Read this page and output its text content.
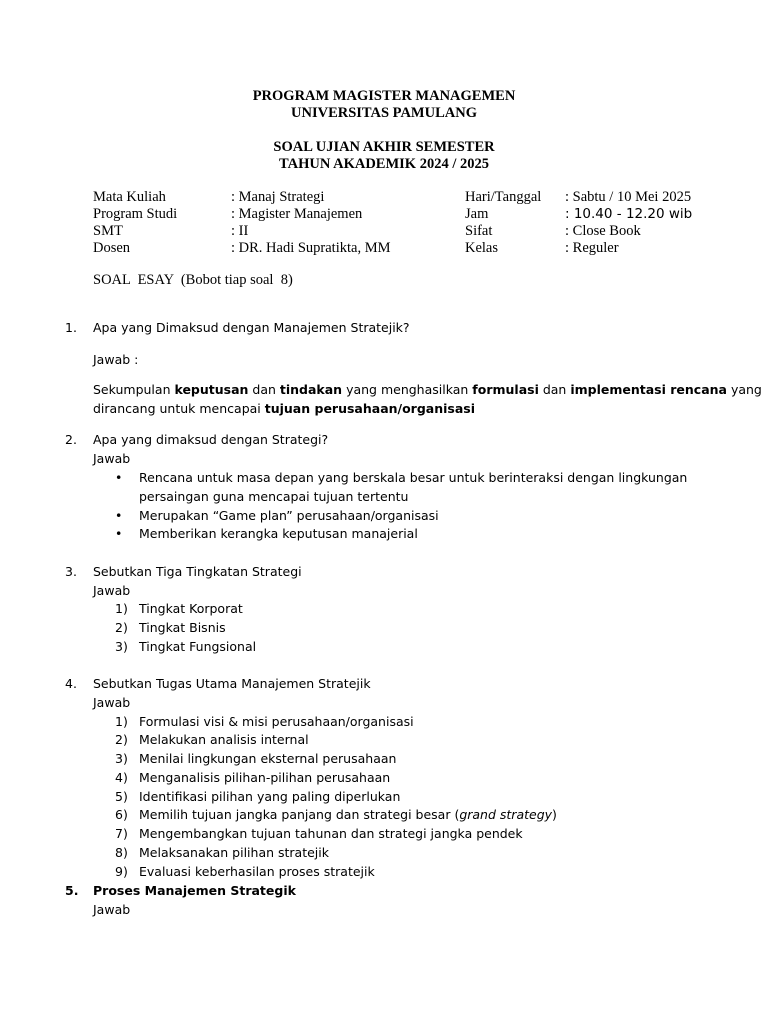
PROGRAM MAGISTER MANAGEMEN
UNIVERSITAS PAMULANG
SOAL UJIAN AKHIR SEMESTER
TAHUN AKADEMIK 2024 / 2025
Mata Kuliah	: Manaj Strategi	Hari/Tanggal : Sabtu / 10 Mei 2025
Program Studi	: Magister Manajemen	Jam	: 10.40 - 12.20 wib
SMT	: II	Sifat	: Close Book
Dosen	: DR. Hadi Supratikta, MM	Kelas	: Reguler
SOAL  ESAY  (Bobot tiap soal  8)
1. Apa yang Dimaksud dengan Manajemen Stratejik?
Jawab :
Sekumpulan keputusan dan tindakan yang menghasilkan formulasi dan implementasi rencana yang
dirancang untuk mencapai tujuan perusahaan/organisasi
2. Apa yang dimaksud dengan Strategi?
Jawab
• Rencana untuk masa depan yang berskala besar untuk berinteraksi dengan lingkungan
persaingan guna mencapai tujuan tertentu
• Merupakan “Game plan” perusahaan/organisasi
• Memberikan kerangka keputusan manajerial
3. Sebutkan Tiga Tingkatan Strategi
Jawab
1) Tingkat Korporat
2) Tingkat Bisnis
3) Tingkat Fungsional
4. Sebutkan Tugas Utama Manajemen Stratejik
Jawab
1) Formulasi visi & misi perusahaan/organisasi
2) Melakukan analisis internal
3) Menilai lingkungan eksternal perusahaan
4) Menganalisis pilihan-pilihan perusahaan
5) Identifikasi pilihan yang paling diperlukan
6) Memilih tujuan jangka panjang dan strategi besar (grand strategy)
7) Mengembangkan tujuan tahunan dan strategi jangka pendek
8) Melaksanakan pilihan stratejik
9) Evaluasi keberhasilan proses stratejik
5. Proses Manajemen Strategik
Jawab
